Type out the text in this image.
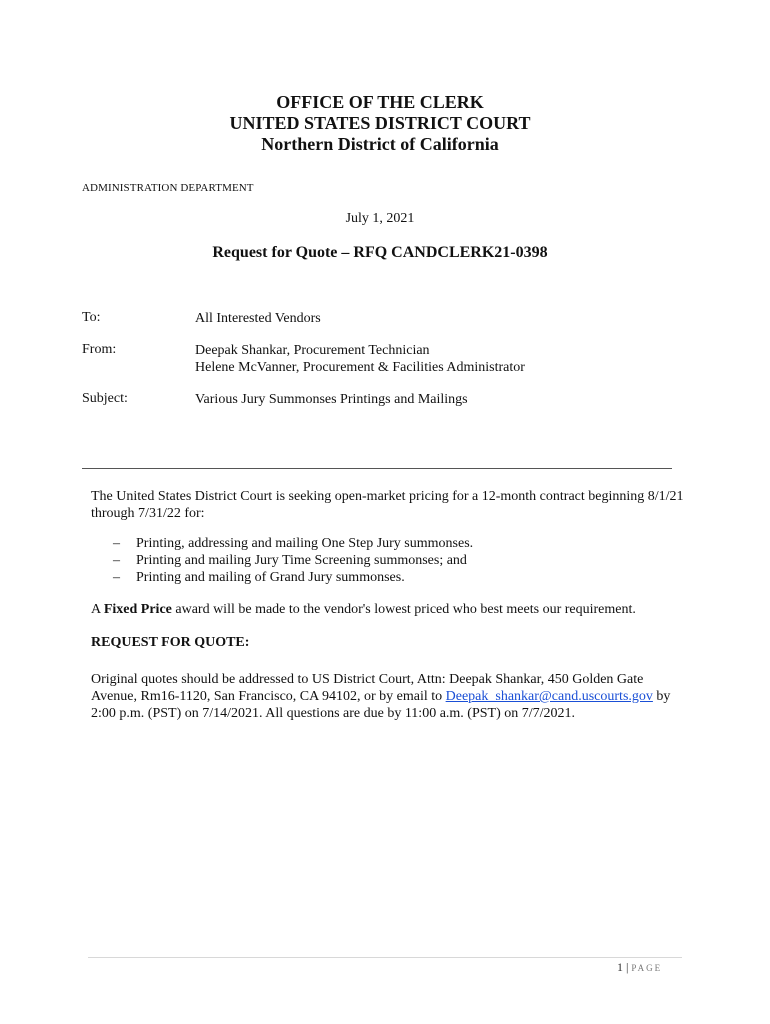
OFFICE OF THE CLERK
UNITED STATES DISTRICT COURT
Northern District of California
ADMINISTRATION DEPARTMENT
July 1, 2021
Request for Quote – RFQ CANDCLERK21-0398
To:	All Interested Vendors
From:	Deepak Shankar, Procurement Technician
Helene McVanner, Procurement & Facilities Administrator
Subject:	Various Jury Summonses Printings and Mailings
The United States District Court is seeking open-market pricing for a 12-month contract beginning 8/1/21
through 7/31/22 for:
–	Printing, addressing and mailing One Step Jury summonses.
–	Printing and mailing Jury Time Screening summonses; and
–	Printing and mailing of Grand Jury summonses.
A Fixed Price award will be made to the vendor's lowest priced who best meets our requirement.
REQUEST FOR QUOTE:
Original quotes should be addressed to US District Court, Attn: Deepak Shankar, 450 Golden Gate
Avenue, Rm16-1120, San Francisco, CA 94102, or by email to Deepak_shankar@cand.uscourts.gov by
2:00 p.m. (PST) on 7/14/2021. All questions are due by 11:00 a.m. (PST) on 7/7/2021.
1 | PAGE
